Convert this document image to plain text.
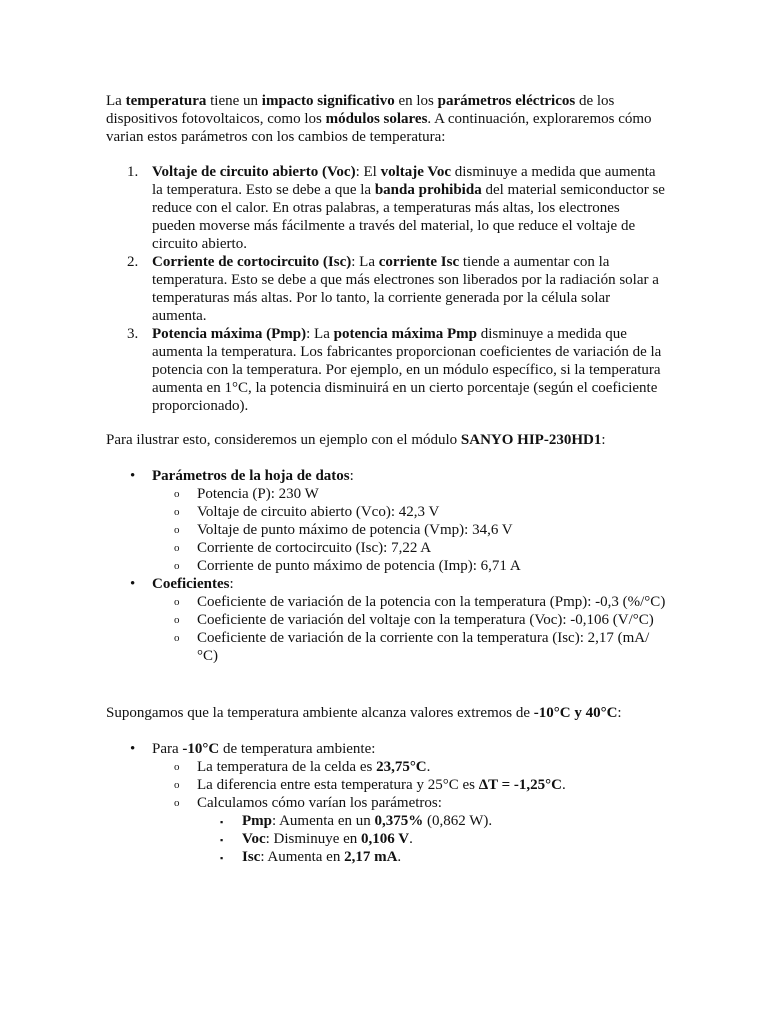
La temperatura tiene un impacto significativo en los parámetros eléctricos de los dispositivos fotovoltaicos, como los módulos solares. A continuación, exploraremos cómo varian estos parámetros con los cambios de temperatura:

1. Voltaje de circuito abierto (Voc): El voltaje Voc disminuye a medida que aumenta la temperatura. Esto se debe a que la banda prohibida del material semiconductor se reduce con el calor. En otras palabras, a temperaturas más altas, los electrones pueden moverse más fácilmente a través del material, lo que reduce el voltaje de circuito abierto.
2. Corriente de cortocircuito (Isc): La corriente Isc tiende a aumentar con la temperatura. Esto se debe a que más electrones son liberados por la radiación solar a temperaturas más altas. Por lo tanto, la corriente generada por la célula solar aumenta.
3. Potencia máxima (Pmp): La potencia máxima Pmp disminuye a medida que aumenta la temperatura. Los fabricantes proporcionan coeficientes de variación de la potencia con la temperatura. Por ejemplo, en un módulo específico, si la temperatura aumenta en 1°C, la potencia disminuirá en un cierto porcentaje (según el coeficiente proporcionado).

Para ilustrar esto, consideremos un ejemplo con el módulo SANYO HIP-230HD1:

• Parámetros de la hoja de datos:
o Potencia (P): 230 W
o Voltaje de circuito abierto (Vco): 42,3 V
o Voltaje de punto máximo de potencia (Vmp): 34,6 V
o Corriente de cortocircuito (Isc): 7,22 A
o Corriente de punto máximo de potencia (Imp): 6,71 A
• Coeficientes:
o Coeficiente de variación de la potencia con la temperatura (Pmp): -0,3 (%/°C)
o Coeficiente de variación del voltaje con la temperatura (Voc): -0,106 (V/°C)
o Coeficiente de variación de la corriente con la temperatura (Isc): 2,17 (mA/°C)

Supongamos que la temperatura ambiente alcanza valores extremos de -10°C y 40°C:

• Para -10°C de temperatura ambiente:
o La temperatura de la celda es 23,75°C.
o La diferencia entre esta temperatura y 25°C es ΔT = -1,25°C.
o Calculamos cómo varían los parámetros:
▪ Pmp: Aumenta en un 0,375% (0,862 W).
▪ Voc: Disminuye en 0,106 V.
▪ Isc: Aumenta en 2,17 mA.
